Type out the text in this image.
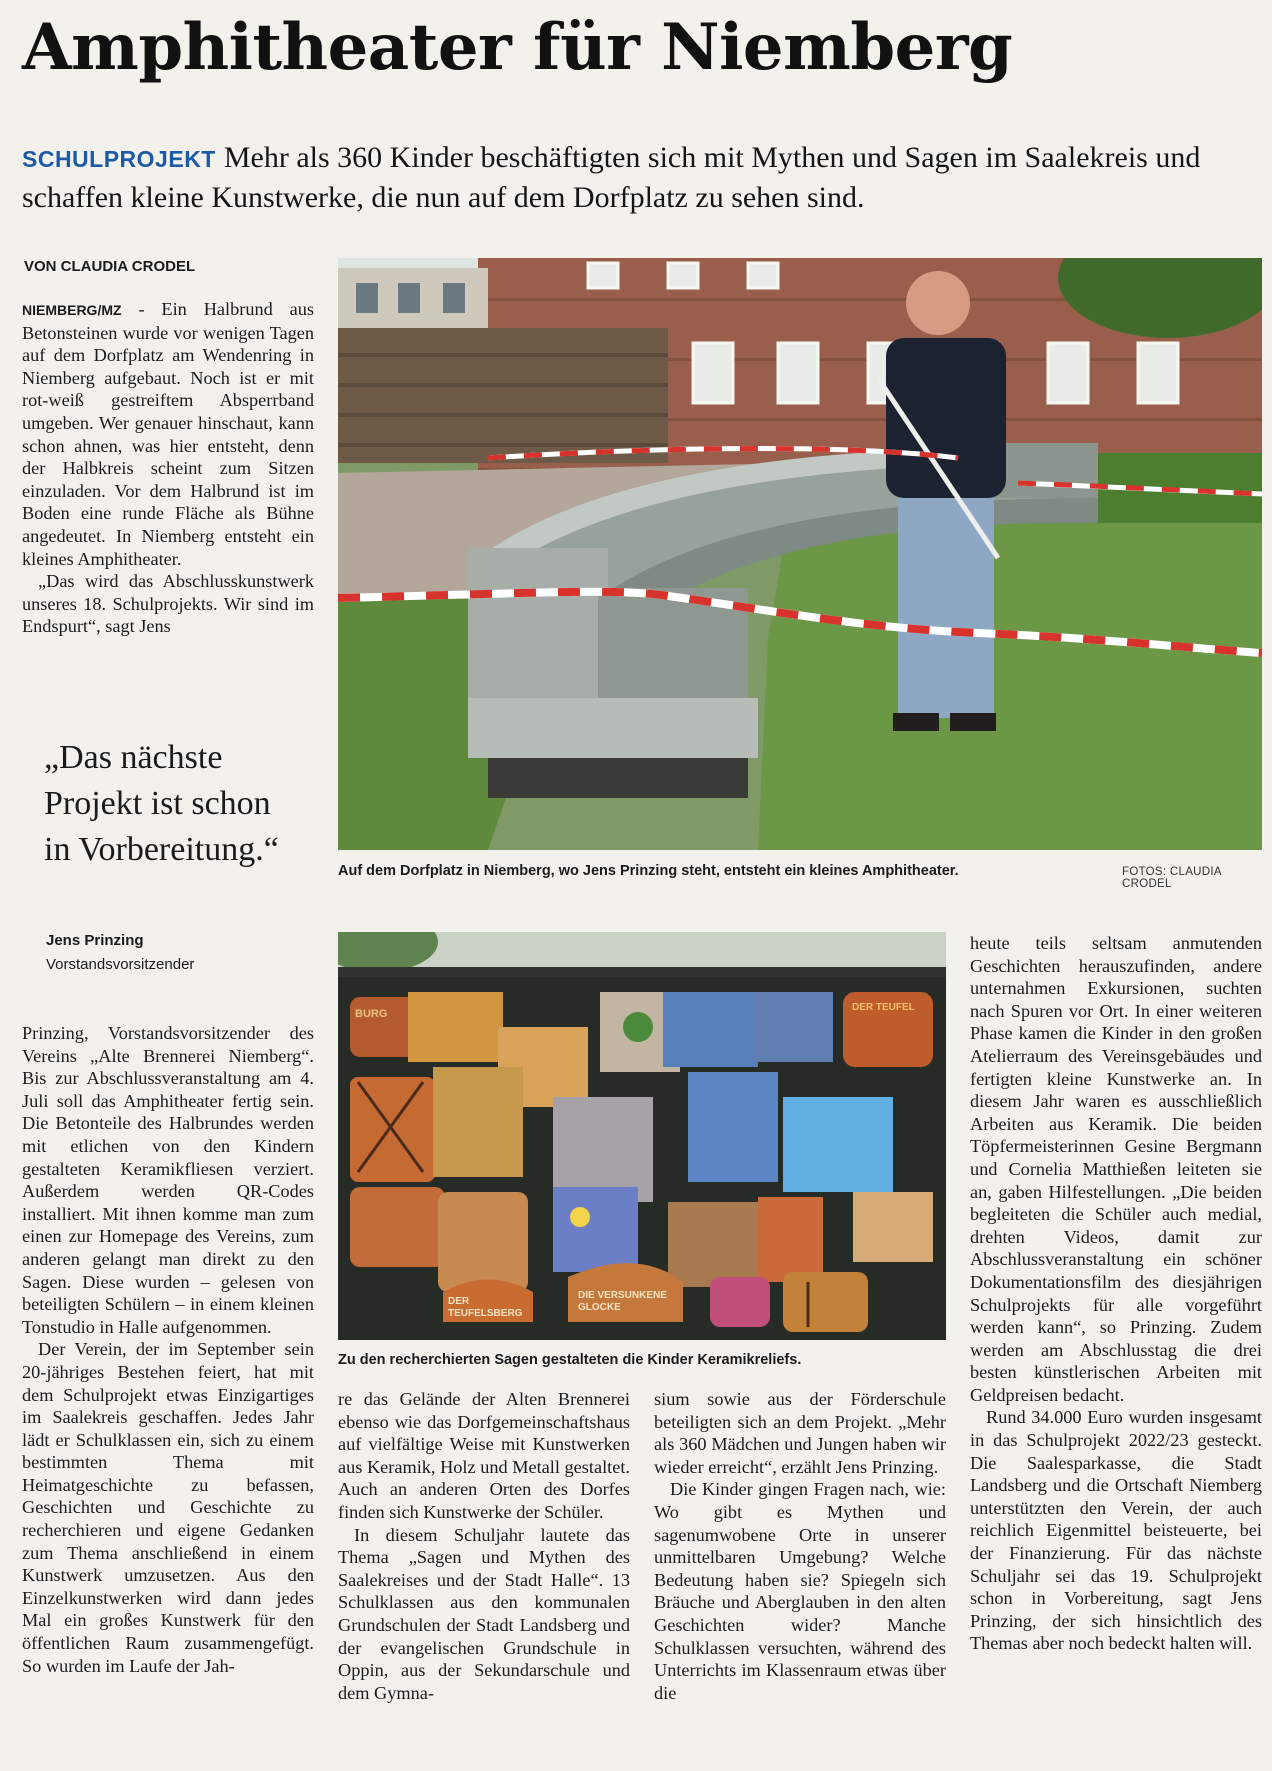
Amphitheater für Niemberg
SCHULPROJEKT Mehr als 360 Kinder beschäftigten sich mit Mythen und Sagen im Saalekreis und schaffen kleine Kunstwerke, die nun auf dem Dorfplatz zu sehen sind.
VON CLAUDIA CRODEL

NIEMBERG/MZ - Ein Halbrund aus Betonsteinen wurde vor wenigen Tagen auf dem Dorfplatz am Wendenring in Niemberg aufgebaut. Noch ist er mit rot-weiß gestreiftem Absperrband umgeben. Wer genauer hinschaut, kann schon ahnen, was hier entsteht, denn der Halbkreis scheint zum Sitzen einzuladen. Vor dem Halbrund ist im Boden eine runde Fläche als Bühne angedeutet. In Niemberg entsteht ein kleines Amphitheater.

„Das wird das Abschlusskunstwerk unseres 18. Schulprojekts. Wir sind im Endspurt“, sagt Jens

„Das nächste Projekt ist schon in Vorbereitung.“
Jens Prinzing
Vorstandsvorsitzender

Prinzing, Vorstandsvorsitzender des Vereins „Alte Brennerei Niemberg“. Bis zur Abschlussveranstaltung am 4. Juli soll das Amphitheater fertig sein. Die Betonteile des Halbrundes werden mit etlichen von den Kindern gestalteten Keramikfliesen verziert. Außerdem werden QR-Codes installiert. Mit ihnen komme man zum einen zur Homepage des Vereins, zum anderen gelangt man direkt zu den Sagen. Diese wurden – gelesen von beteiligten Schülern – in einem kleinen Tonstudio in Halle aufgenommen.

Der Verein, der im September sein 20-jähriges Bestehen feiert, hat mit dem Schulprojekt etwas Einzigartiges im Saalekreis geschaffen. Jedes Jahr lädt er Schulklassen ein, sich zu einem bestimmten Thema mit Heimatgeschichte zu befassen, Geschichten und Geschichte zu recherchieren und eigene Gedanken zum Thema anschließend in einem Kunstwerk umzusetzen. Aus den Einzelkunstwerken wird dann jedes Mal ein großes Kunstwerk für den öffentlichen Raum zusammengefügt. So wurden im Laufe der Jah-

Auf dem Dorfplatz in Niemberg, wo Jens Prinzing steht, entsteht ein kleines Amphitheater.	FOTOS: CLAUDIA CRODEL
Zu den recherchierten Sagen gestalteten die Kinder Keramikreliefs.

re das Gelände der Alten Brennerei ebenso wie das Dorfgemeinschaftshaus auf vielfältige Weise mit Kunstwerken aus Keramik, Holz und Metall gestaltet. Auch an anderen Orten des Dorfes finden sich Kunstwerke der Schüler.

In diesem Schuljahr lautete das Thema „Sagen und Mythen des Saalekreises und der Stadt Halle“. 13 Schulklassen aus den kommunalen Grundschulen der Stadt Landsberg und der evangelischen Grundschule in Oppin, aus der Sekundarschule und dem Gymna-

sium sowie aus der Förderschule beteiligten sich an dem Projekt. „Mehr als 360 Mädchen und Jungen haben wir wieder erreicht“, erzählt Jens Prinzing.

Die Kinder gingen Fragen nach, wie: Wo gibt es Mythen und sagenumwobene Orte in unserer unmittelbaren Umgebung? Welche Bedeutung haben sie? Spiegeln sich Bräuche und Aberglauben in den alten Geschichten wider? Manche Schulklassen versuchten, während des Unterrichts im Klassenraum etwas über die

heute teils seltsam anmutenden Geschichten herauszufinden, andere unternahmen Exkursionen, suchten nach Spuren vor Ort. In einer weiteren Phase kamen die Kinder in den großen Atelierraum des Vereinsgebäudes und fertigten kleine Kunstwerke an. In diesem Jahr waren es ausschließlich Arbeiten aus Keramik. Die beiden Töpfermeisterinnen Gesine Bergmann und Cornelia Matthießen leiteten sie an, gaben Hilfestellungen. „Die beiden begleiteten die Schüler auch medial, drehten Videos, damit zur Abschlussveranstaltung ein schöner Dokumentationsfilm des diesjährigen Schulprojekts für alle vorgeführt werden kann“, so Prinzing. Zudem werden am Abschlusstag die drei besten künstlerischen Arbeiten mit Geldpreisen bedacht.

Rund 34.000 Euro wurden insgesamt in das Schulprojekt 2022/23 gesteckt. Die Saalesparkasse, die Stadt Landsberg und die Ortschaft Niemberg unterstützten den Verein, der auch reichlich Eigenmittel beisteuerte, bei der Finanzierung. Für das nächste Schuljahr sei das 19. Schulprojekt schon in Vorbereitung, sagt Jens Prinzing, der sich hinsichtlich des Themas aber noch bedeckt halten will.

BURG
DER TEUFEL
DER TEUFELSBERG
DIE VERSUNKENE GLOCKE
